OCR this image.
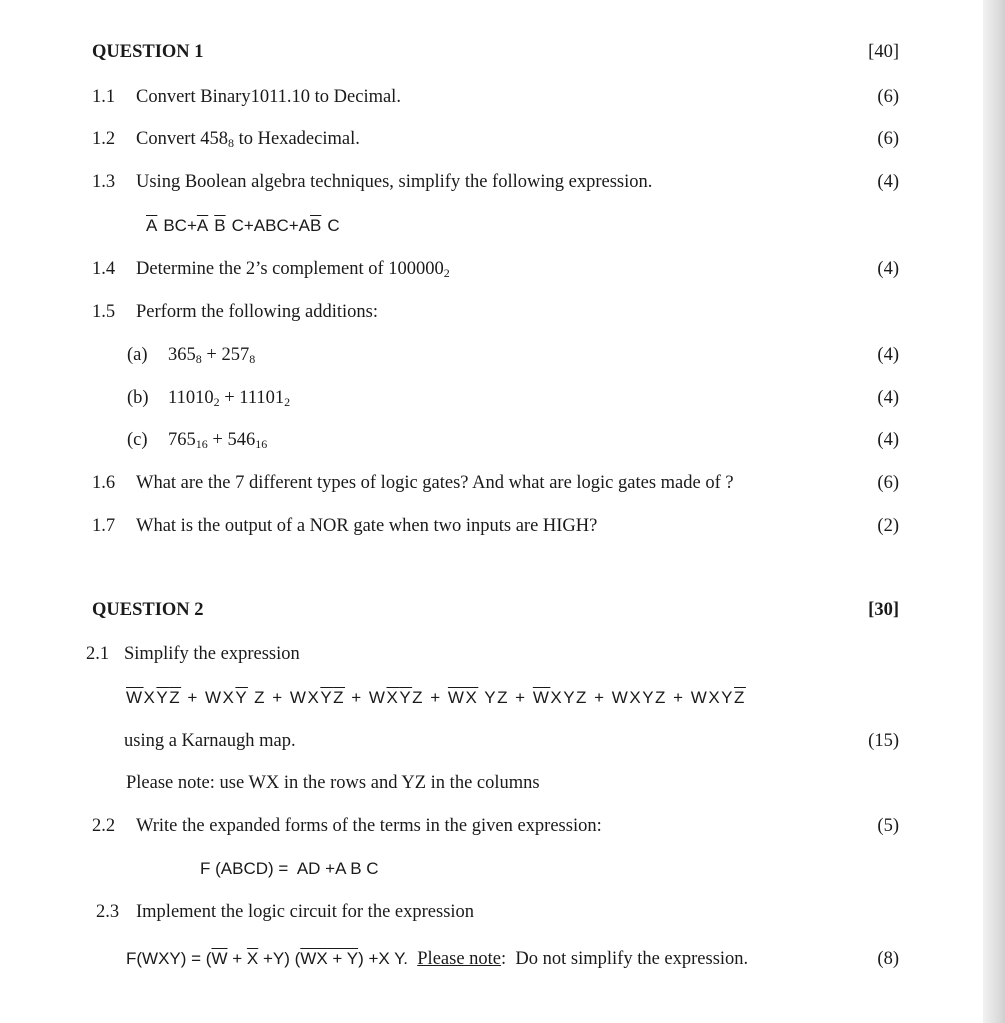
QUESTION 1	[40]
1.1 Convert Binary1011.10 to Decimal.	(6)
1.2 Convert $458_8$ to Hexadecimal.	(6)
1.3 Using Boolean algebra techniques, simplify the following expression.	(4)
$\overline{A}$ $BC+\overline{A}$ $\overline{B}$ $C+ABC+A\overline{B}$ C
1.4 Determine the 2’s complement of $100000_2$	(4)
1.5 Perform the following additions:
(a) $365_8 + 257_8$	(4)
(b) $11010_2 + 11101_2$	(4)
(c) $765_{16} + 546_{16}$	(4)
1.6 What are the 7 different types of logic gates? And what are logic gates made of ?	(6)
1.7 What is the output of a NOR gate when two inputs are HIGH?	(2)
QUESTION 2	[30]
2.1 Simplify the expression
$\overline{W}X\overline{Y}\overline{Z} + WX\overline{Y}$ $Z + WX\overline{Y}\overline{Z} + W\overline{X}\overline{Y}Z + \overline{W}\overline{X}$ YZ + $\overline{W}XYZ$ + WXYZ + $WXY\overline{Z}$
using a Karnaugh map.	(15)
Please note: use WX in the rows and YZ in the columns
2.2 Write the expanded forms of the terms in the given expression:	(5)
F (ABCD) =  AD +A B C
2.3 Implement the logic circuit for the expression
$F(WXY) = (\overline{W} + \overline{X} +Y) (WX + Y) +X$ Y. Please note:  Do not simplify the expression.	(8)
